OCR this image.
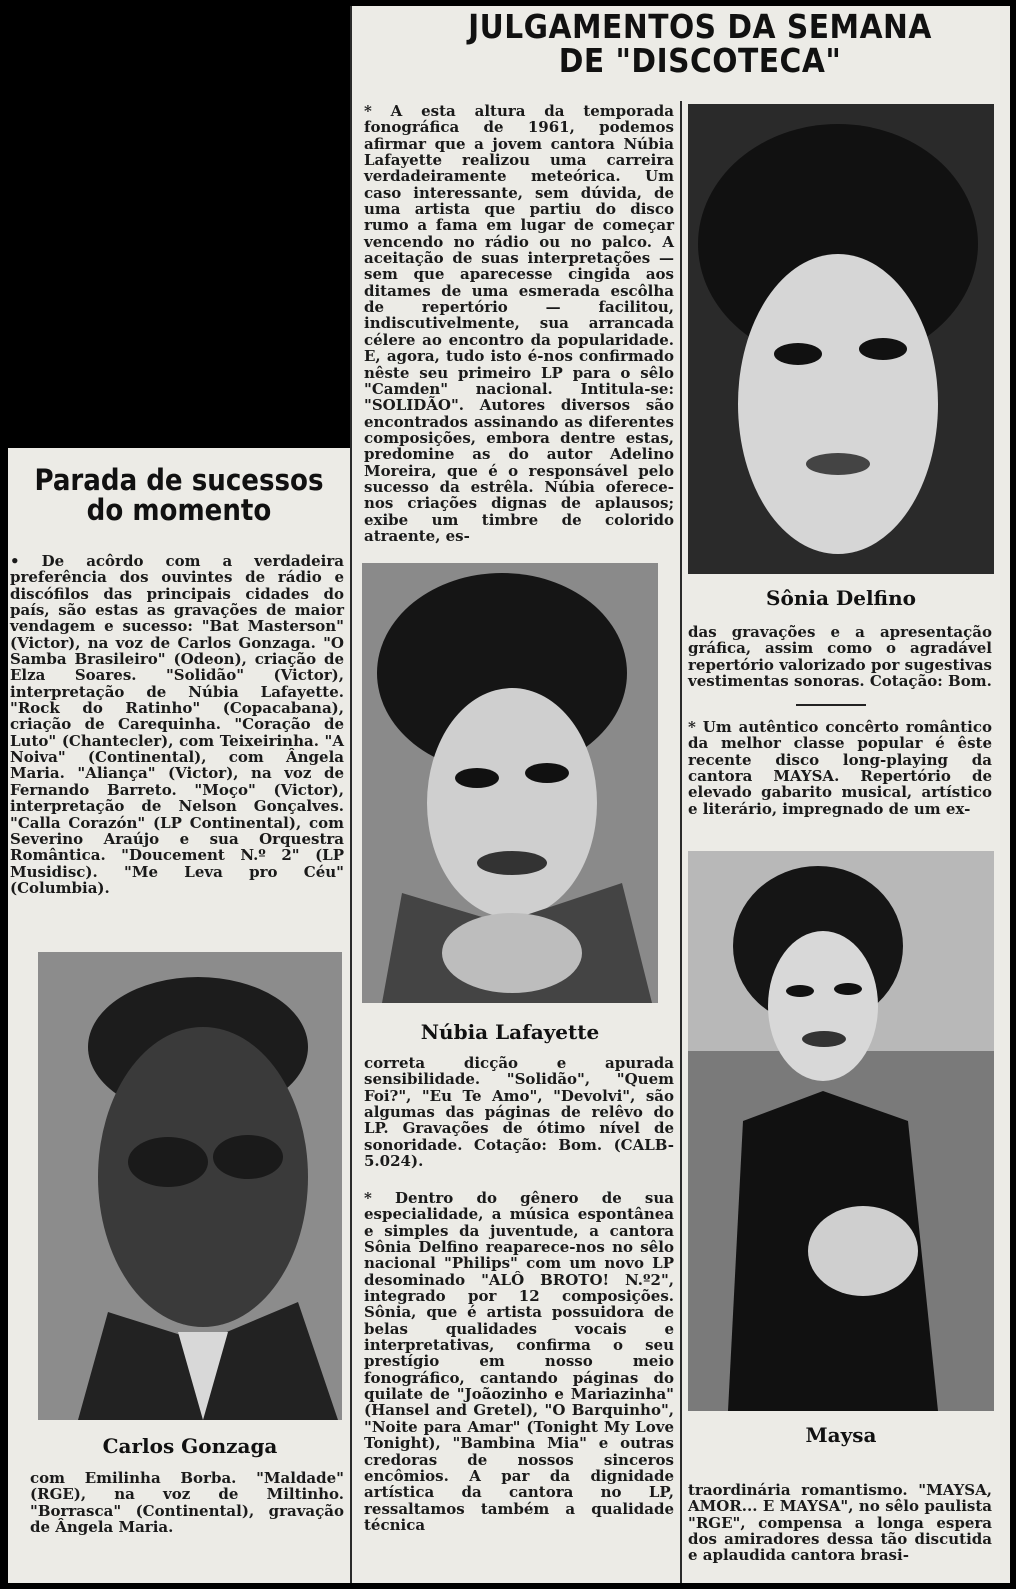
Parada de sucessos
do momento
• De acôrdo com a verdadeira preferência dos ouvintes de rádio e discófilos das principais cidades do país, são estas as gravações de maior vendagem e sucesso: "Bat Masterson" (Victor), na voz de Carlos Gonzaga. "O Samba Brasileiro" (Odeon), criação de Elza Soares. "Solidão" (Victor), interpretação de Núbia Lafayette. "Rock do Ratinho" (Copacabana), criação de Carequinha. "Coração de Luto" (Chantecler), com Teixeirinha. "A Noiva" (Continental), com Ângela Maria. "Aliança" (Victor), na voz de Fernando Barreto. "Moço" (Victor), interpretação de Nelson Gonçalves. "Calla Corazón" (LP Continental), com Severino Araújo e sua Orquestra Romântica. "Doucement N.º 2" (LP Musidisc). "Me Leva pro Céu" (Columbia).
Carlos Gonzaga
com Emilinha Borba. "Maldade" (RGE), na voz de Miltinho. "Borrasca" (Continental), gravação de Ângela Maria.
JULGAMENTOS DA SEMANA
DE "DISCOTECA"
* A esta altura da temporada fonográfica de 1961, podemos afirmar que a jovem cantora Núbia Lafayette realizou uma carreira verdadeiramente meteórica. Um caso interessante, sem dúvida, de uma artista que partiu do disco rumo a fama em lugar de começar vencendo no rádio ou no palco. A aceitação de suas interpretações — sem que aparecesse cingida aos ditames de uma esmerada escôlha de repertório — facilitou, indiscutivelmente, sua arrancada célere ao encontro da popularidade. E, agora, tudo isto é-nos confirmado nêste seu primeiro LP para o sêlo "Camden" nacional. Intitula-se: "SOLIDÃO". Autores diversos são encontrados assinando as diferentes composições, embora dentre estas, predomine as do autor Adelino Moreira, que é o responsável pelo sucesso da estrêla. Núbia oferece-nos criações dignas de aplausos; exibe um timbre de colorido atraente, es-
Núbia Lafayette
correta dicção e apurada sensibilidade. "Solidão", "Quem Foi?", "Eu Te Amo", "Devolvi", são algumas das páginas de relêvo do LP. Gravações de ótimo nível de sonoridade. Cotação: Bom. (CALB-5.024).
* Dentro do gênero de sua especialidade, a música espontânea e simples da juventude, a cantora Sônia Delfino reaparece-nos no sêlo nacional "Philips" com um novo LP desominado "ALÔ BROTO! N.º2", integrado por 12 composições. Sônia, que é artista possuidora de belas qualidades vocais e interpretativas, confirma o seu prestígio em nosso meio fonográfico, cantando páginas do quilate de "Joãozinho e Mariazinha" (Hansel and Gretel), "O Barquinho", "Noite para Amar" (Tonight My Love Tonight), "Bambina Mia" e outras credoras de nossos sinceros encômios. A par da dignidade artística da cantora no LP, ressaltamos também a qualidade técnica
Sônia Delfino
das gravações e a apresentação gráfica, assim como o agradável repertório valorizado por sugestivas vestimentas sonoras. Cotação: Bom.
* Um autêntico concêrto romântico da melhor classe popular é êste recente disco long-playing da cantora MAYSA. Repertório de elevado gabarito musical, artístico e literário, impregnado de um ex-
Maysa
traordinária romantismo. "MAYSA, AMOR... E MAYSA", no sêlo paulista "RGE", compensa a longa espera dos amiradores dessa tão discutida e aplaudida cantora brasi-
